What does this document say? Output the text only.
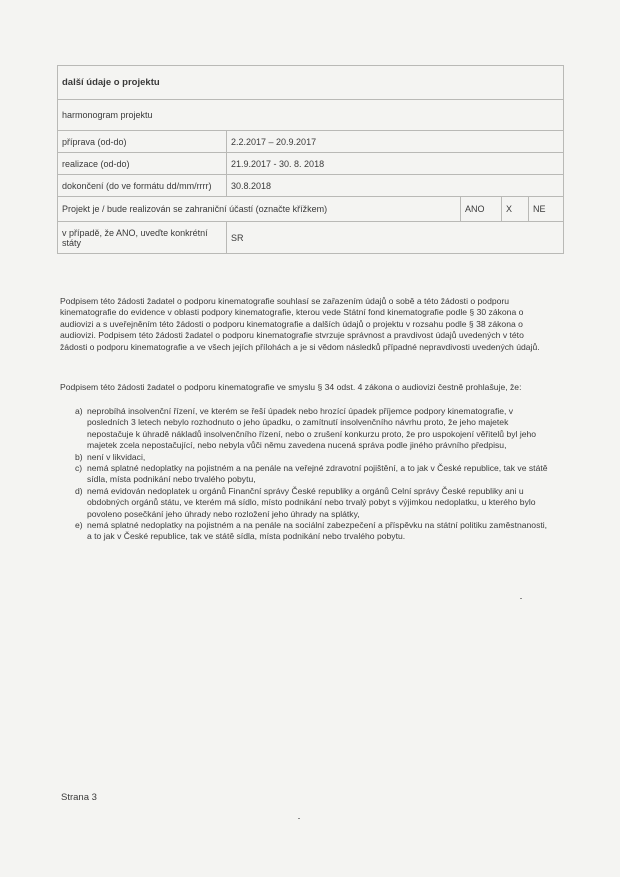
další údaje o projektu				
harmonogram projektu				
příprava (od-do)	2.2.2017 – 20.9.2017			
realizace (od-do)	21.9.2017 - 30. 8. 2018			
dokončení (do ve formátu dd/mm/rrrr)	30.8.2018			
Projekt je / bude realizován se zahraniční účastí (označte křížkem)		ANO	X	NE
v případě, že ANO, uveďte konkrétní státy	SR			

Podpisem této žádosti žadatel o podporu kinematografie souhlasí se zařazením údajů o sobě a této žádosti o podporu kinematografie do evidence v oblasti podpory kinematografie, kterou vede Státní fond kinematografie podle § 30 zákona o audiovizi a s uveřejněním této žádosti o podporu kinematografie a dalších údajů o projektu v rozsahu podle § 38 zákona o audiovizi. Podpisem této žádosti žadatel o podporu kinematografie stvrzuje správnost a pravdivost údajů uvedených v této žádosti o podporu kinematografie a ve všech jejích přílohách a je si vědom následků případné nepravdivosti uvedených údajů.

Podpisem této žádosti žadatel o podporu kinematografie ve smyslu § 34 odst. 4 zákona o audiovizi čestně prohlašuje, že:

a) neprobíhá insolvenční řízení, ve kterém se řeší úpadek nebo hrozící úpadek příjemce podpory kinematografie, v posledních 3 letech nebylo rozhodnuto o jeho úpadku, o zamítnutí insolvenčního návrhu proto, že jeho majetek nepostačuje k úhradě nákladů insolvenčního řízení, nebo o zrušení konkurzu proto, že pro uspokojení věřitelů byl jeho majetek zcela nepostačující, nebo nebyla vůči němu zavedena nucená správa podle jiného právního předpisu,
b) není v likvidaci,
c) nemá splatné nedoplatky na pojistném a na penále na veřejné zdravotní pojištění, a to jak v České republice, tak ve státě sídla, místa podnikání nebo trvalého pobytu,
d) nemá evidován nedoplatek u orgánů Finanční správy České republiky a orgánů Celní správy České republiky ani u obdobných orgánů státu, ve kterém má sídlo, místo podnikání nebo trvalý pobyt s výjimkou nedoplatku, u kterého bylo povoleno posečkání jeho úhrady nebo rozložení jeho úhrady na splátky,
e) nemá splatné nedoplatky na pojistném a na penále na sociální zabezpečení a příspěvku na státní politiku zaměstnanosti, a to jak v České republice, tak ve státě sídla, místa podnikání nebo trvalého pobytu.
Strana 3
